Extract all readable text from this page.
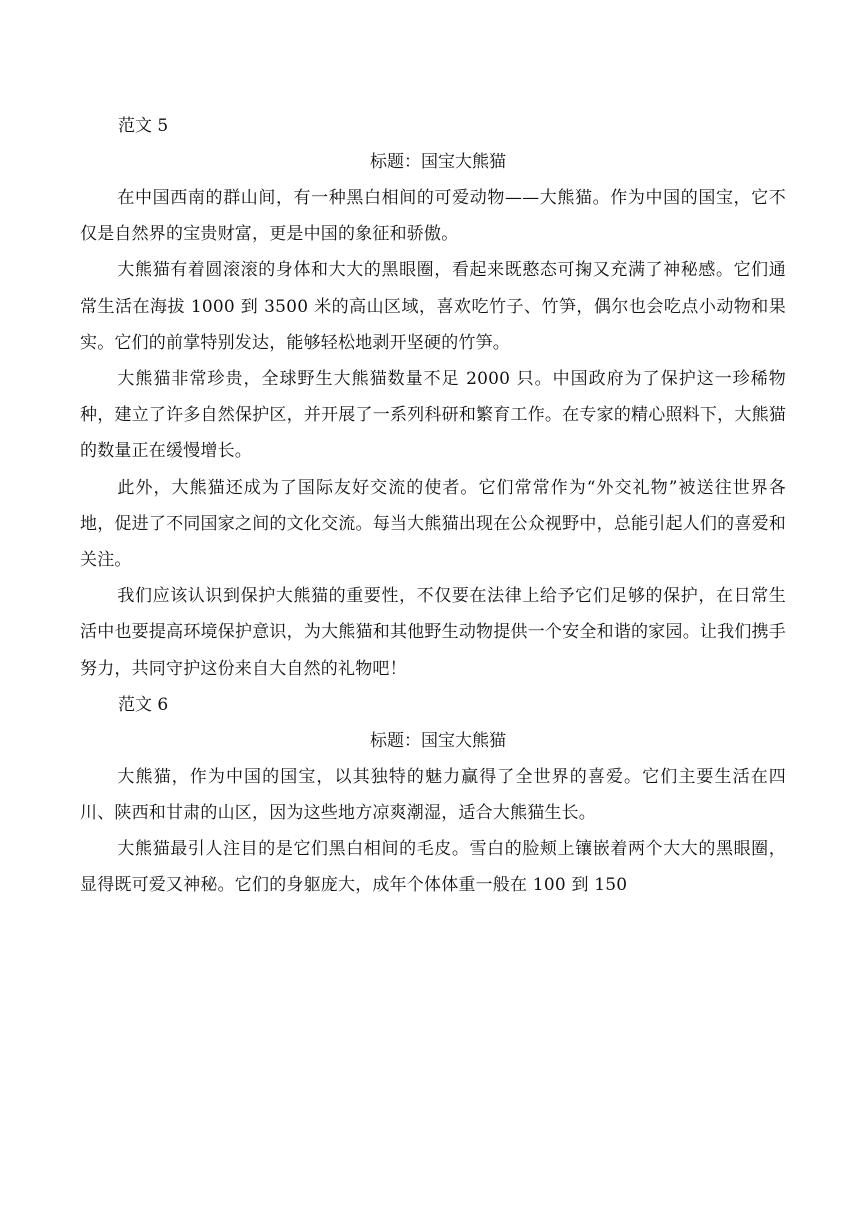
范文 5

标题：国宝大熊猫

在中国西南的群山间，有一种黑白相间的可爱动物——大熊猫。作为中国的国宝，它不仅是自然界的宝贵财富，更是中国的象征和骄傲。

大熊猫有着圆滚滚的身体和大大的黑眼圈，看起来既憨态可掬又充满了神秘感。它们通常生活在海拔 1000 到 3500 米的高山区域，喜欢吃竹子、竹笋，偶尔也会吃点小动物和果实。它们的前掌特别发达，能够轻松地剥开坚硬的竹笋。

大熊猫非常珍贵，全球野生大熊猫数量不足 2000 只。中国政府为了保护这一珍稀物种，建立了许多自然保护区，并开展了一系列科研和繁育工作。在专家的精心照料下，大熊猫的数量正在缓慢增长。

此外，大熊猫还成为了国际友好交流的使者。它们常常作为“外交礼物”被送往世界各地，促进了不同国家之间的文化交流。每当大熊猫出现在公众视野中，总能引起人们的喜爱和关注。

我们应该认识到保护大熊猫的重要性，不仅要在法律上给予它们足够的保护，在日常生活中也要提高环境保护意识，为大熊猫和其他野生动物提供一个安全和谐的家园。让我们携手努力，共同守护这份来自大自然的礼物吧！

范文 6

标题：国宝大熊猫

大熊猫，作为中国的国宝，以其独特的魅力赢得了全世界的喜爱。它们主要生活在四川、陕西和甘肃的山区，因为这些地方凉爽潮湿，适合大熊猫生长。

大熊猫最引人注目的是它们黑白相间的毛皮。雪白的脸颊上镶嵌着两个大大的黑眼圈，显得既可爱又神秘。它们的身躯庞大，成年个体体重一般在 100 到 150
